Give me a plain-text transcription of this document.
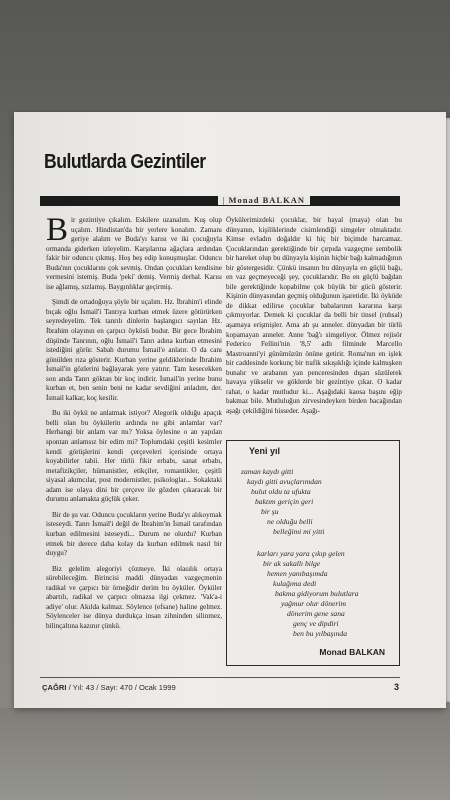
Bulutlarda Gezintiler
| Monad BALKAN

Bir gezintiye çıkalım. Eskilere uzanalım. Kuş olup uçalım. Hindistan'da bir yerlere konalım. Zamanı geriye alalım ve Buda'yı karısı ve iki çocuğuyla ormanda giderken izleyelim. Karşılarına ağaçlara ardından fakir bir oduncu çıkmış. Hoş beş edip konuşmuşlar. Oduncu Buda'nın çocuklarını çok sevmiş. Ondan çocukları kendisine vermesini istemiş. Buda 'peki' demiş. Vermiş derhal. Karısı ise ağlamış, sızlamış. Baygınlıklar geçirmiş.

Şimdi de ortadoğuya şöyle bir uçalım. Hz. İbrahim'i elinde bıçak oğlu İsmail'i Tanrıya kurban etmek üzere götürürken seyredeyelim. Tek tanrılı dinlerin başlangıcı sayılan Hz. İbrahim olayının en çarpıcı öyküsü budur. Bir gece İbrahim düşünde Tanrının, oğlu İsmail'i Tanrı adına kurban etmesini istediğini görür. Sabah durumu İsmail'e anlatır. O da canı gönülden rıza gösterir. Kurban yerine geldiklerinde İbrahim İsmail'in gözlerini bağlayarak yere yatırır. Tam kesecekken son anda Tanrı göktan bir koç indirir. İsmail'in yerine bunu kurban et, ben senin beni ne kadar sevdiğini anladım, der. İsmail kalkar, koç kesilir.

Bu iki öykü ne anlatmak istiyor? Alegorik olduğu apaçık belli olan bu öykülerin ardında ne gibi anlamlar var? Herhangi bir anlam var mı? Yoksa öylesine o an yapılan spontan anlamsız bir edim mi? Toplumdaki çeşitli kesimler kendi görüşlerini kendi çerçeveleri içerisinde ortaya koyabilirler tabii. Her türlü fikir erbabı, sanat erbabı, metafizikçiler, hümanistler, etikçiler, romantikler, çeşitli siyasal akımcılar, post modernistler, psikologlar... Sokaktaki adam ise olaya dini bir çerçeve ile gözden çıkaracak bir durumu anlamakta güçlük çeker.

Bir de şu var. Oduncu çocukların yerine Buda'yı alıkoymak isteseydi. Tanrı İsmail'i değil de İbrahim'in İsmail tarafından kurban edilmesini isteseydi... Durum ne olurdu? Kurban etmek bir derece daha kolay da kurban edilmek nasıl bir duygu?

Biz gelelim alegoriyi çözmeye. İki olasılık ortaya sürebileceğim. Birincisi maddi dünyadan vazgeçmenin radikal ve çarpıcı bir örneğidir derim bu öyküler. Öyküler abartılı, radikal ve çarpıcı olmazsa ilgi çekmez. 'Vak'a-i adiye' olur. Akılda kalmaz. Söylence (efsane) haline gelmez. Söylenceler ise dünya durdukça insan zihninden silinmez, bilinçaltına kazınır çünkü.

Öykülerimizdeki çocuklar, bir hayal (maya) olan bu dünyanın, kişiliklerinde cisimlendiği simgeler olmaktadır. Kimse evladın doğaldır ki hiç bir biçimde harcamaz. Çocuklarından gerektiğinde bir çırpıda vazgeçme sembolik bir hareket olup bu dünyayla kişinin hiçbir bağı kalmadığının bir göstergesidir. Çünkü insanın bu dünyayla en güçlü bağı, en vaz geçmeyeceği şey, çocuklarıdır. Bu en güçlü bağdan bile gerektiğinde kopabilme çok büyük bir gücü gösterir. Kişinin dünyasından geçmiş olduğunun işaretidir. İki öyküde de dikkat edilirse çocuklar babalarının kararına karşı çıkmıyorlar. Demek ki çocuklar da belli bir tinsel (ruhsal) aşamaya erişmişler. Ama ah şu anneler. dünyadan bir türlü kopamayan anneler. Anne 'bağ'ı simgeliyor. Ölmez rejisör Federico Fellini'nin '8,5' adlı filminde Marcello Mastroanni'yi günümüzün önüne getirir. Roma'nın en işlek bir caddesinde korkunç bir trafik sıkışıklığı içinde kalmışken bunalır ve arabanın yan penceresinden dışarı süzülerek havaya yükselir ve göklerde bir gezintiye çıkar. O kadar rahat, o kadar mutludur ki... Aşağıdaki kaosa başını eğip bakmaz bile. Mutluluğun zirvesindeyken birden bacağından aşağı çekildiğini hisseder. Aşağı-

Yeni yıl
zaman kaydı gitti
kaydı gitti avuçlarımdan
bulut oldu ta ufukta
baktım geriçin geri
bir şu
ne olduğu belli
belleğimi mi yitti
karları yara yara çıkıp gelen
bir ak sakallı bilge
hemen yanıbaşımda
kulağıma dedi
bakma gidiyorum bulutlara
yağmur olur dönerim
dönerim gene sana
genç ve dipdiri
ben bu yılbaşında
Monad BALKAN
ÇAĞRI / Yıl: 43 / Sayı: 470 / Ocak 1999	3
